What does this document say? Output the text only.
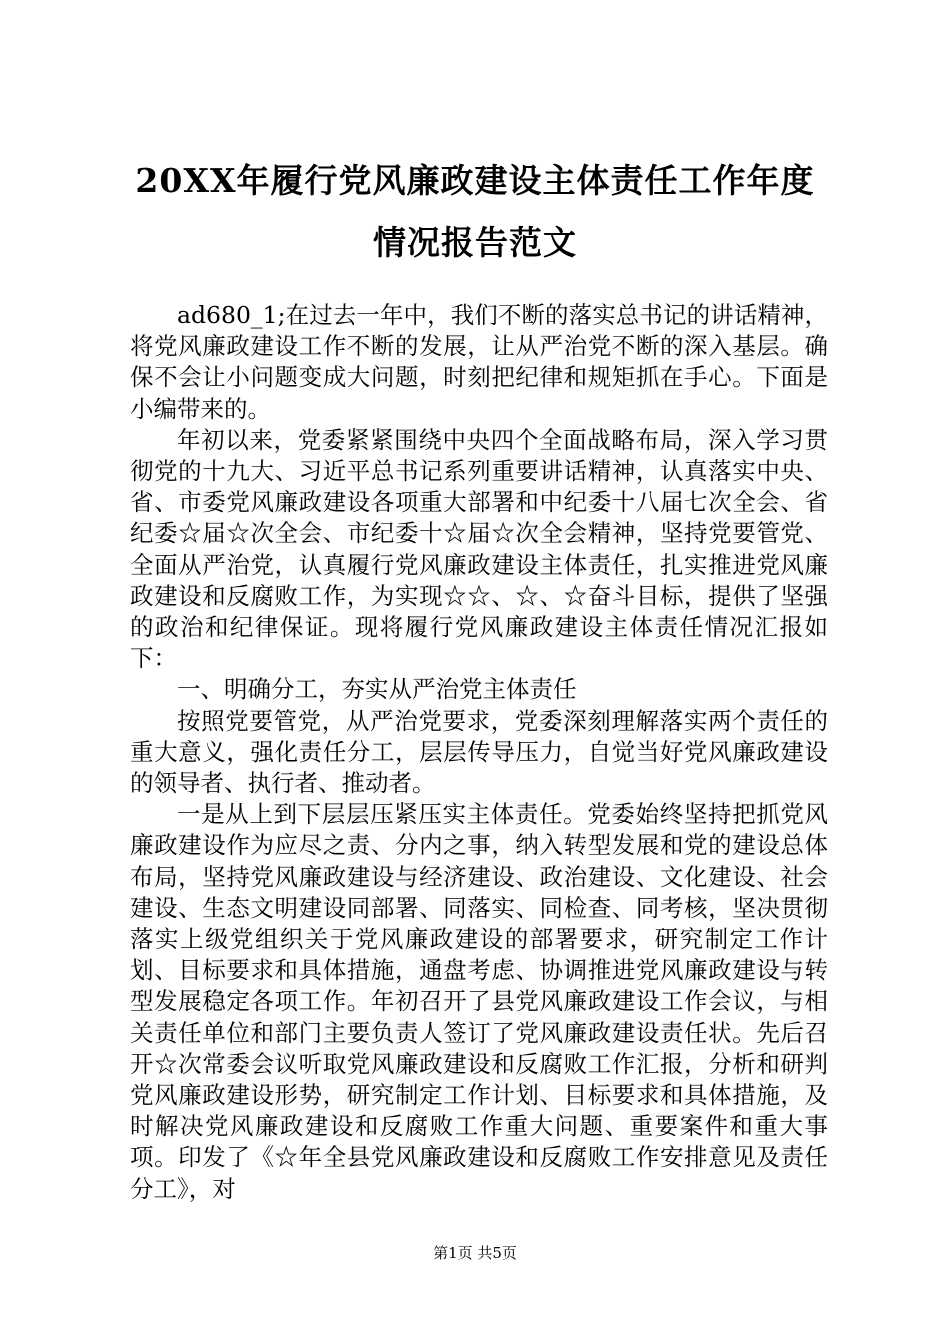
20XX年履行党风廉政建设主体责任工作年度
情况报告范文

ad680_1;在过去一年中，我们不断的落实总书记的讲话精神，将党风廉政建设工作不断的发展，让从严治党不断的深入基层。确保不会让小问题变成大问题，时刻把纪律和规矩抓在手心。下面是小编带来的。

年初以来，党委紧紧围绕中央四个全面战略布局，深入学习贯彻党的十九大、习近平总书记系列重要讲话精神，认真落实中央、省、市委党风廉政建设各项重大部署和中纪委十八届七次全会、省纪委☆届☆次全会、市纪委十☆届☆次全会精神，坚持党要管党、全面从严治党，认真履行党风廉政建设主体责任，扎实推进党风廉政建设和反腐败工作，为实现☆☆、☆、☆奋斗目标，提供了坚强的政治和纪律保证。现将履行党风廉政建设主体责任情况汇报如下：

一、明确分工，夯实从严治党主体责任

按照党要管党，从严治党要求，党委深刻理解落实两个责任的重大意义，强化责任分工，层层传导压力，自觉当好党风廉政建设的领导者、执行者、推动者。

一是从上到下层层压紧压实主体责任。党委始终坚持把抓党风廉政建设作为应尽之责、分内之事，纳入转型发展和党的建设总体布局，坚持党风廉政建设与经济建设、政治建设、文化建设、社会建设、生态文明建设同部署、同落实、同检查、同考核，坚决贯彻落实上级党组织关于党风廉政建设的部署要求，研究制定工作计划、目标要求和具体措施，通盘考虑、协调推进党风廉政建设与转型发展稳定各项工作。年初召开了县党风廉政建设工作会议，与相关责任单位和部门主要负责人签订了党风廉政建设责任状。先后召开☆次常委会议听取党风廉政建设和反腐败工作汇报，分析和研判党风廉政建设形势，研究制定工作计划、目标要求和具体措施，及时解决党风廉政建设和反腐败工作重大问题、重要案件和重大事项。印发了《☆年全县党风廉政建设和反腐败工作安排意见及责任分工》，对

第1页 共5页
